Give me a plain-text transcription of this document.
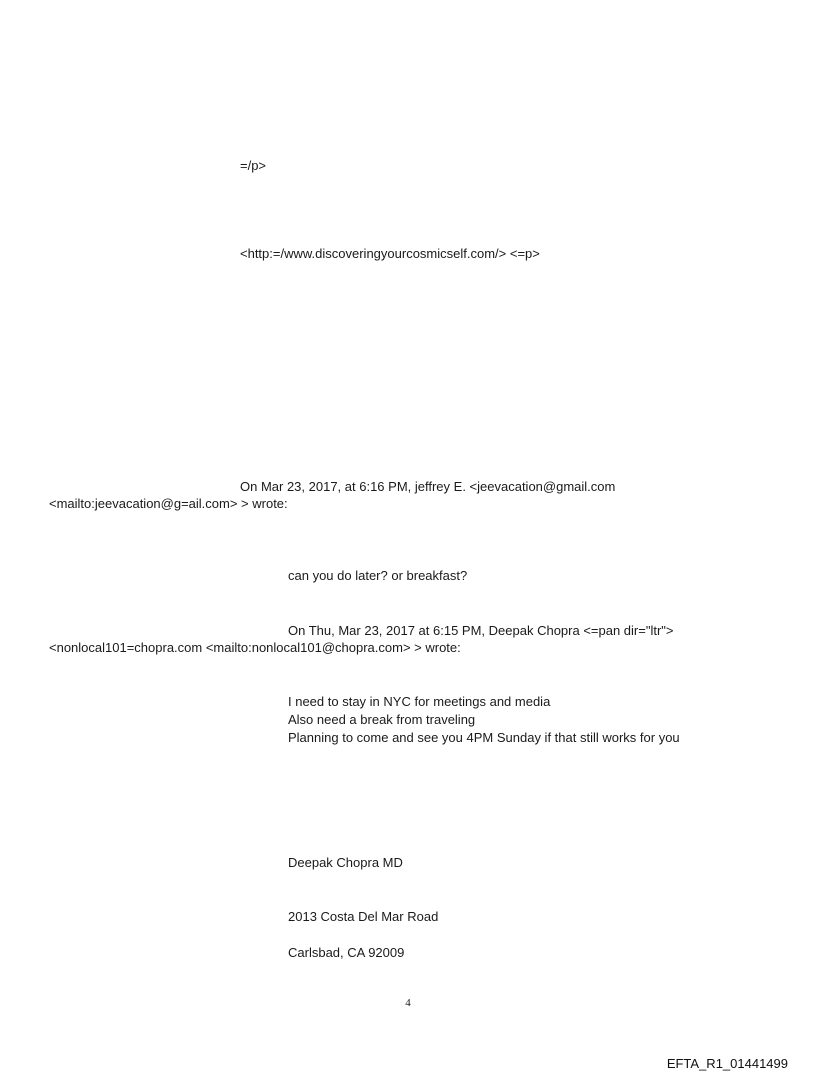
=/p>
<http:=/www.discoveringyourcosmicself.com/> <=p>
On Mar 23, 2017, at 6:16 PM, jeffrey E. <jeevacation@gmail.com
<mailto:jeevacation@g=ail.com> > wrote:
can you do later? or breakfast?
On Thu, Mar 23, 2017 at 6:15 PM, Deepak Chopra <=pan dir="ltr">
<nonlocal101=chopra.com <mailto:nonlocal101@chopra.com> > wrote:
I need to stay in NYC for meetings and media
Also need a break from traveling
Planning to come and see you 4PM Sunday if that still works for you
Deepak Chopra MD
2013 Costa Del Mar Road
Carlsbad, CA 92009
4
EFTA_R1_01441499
